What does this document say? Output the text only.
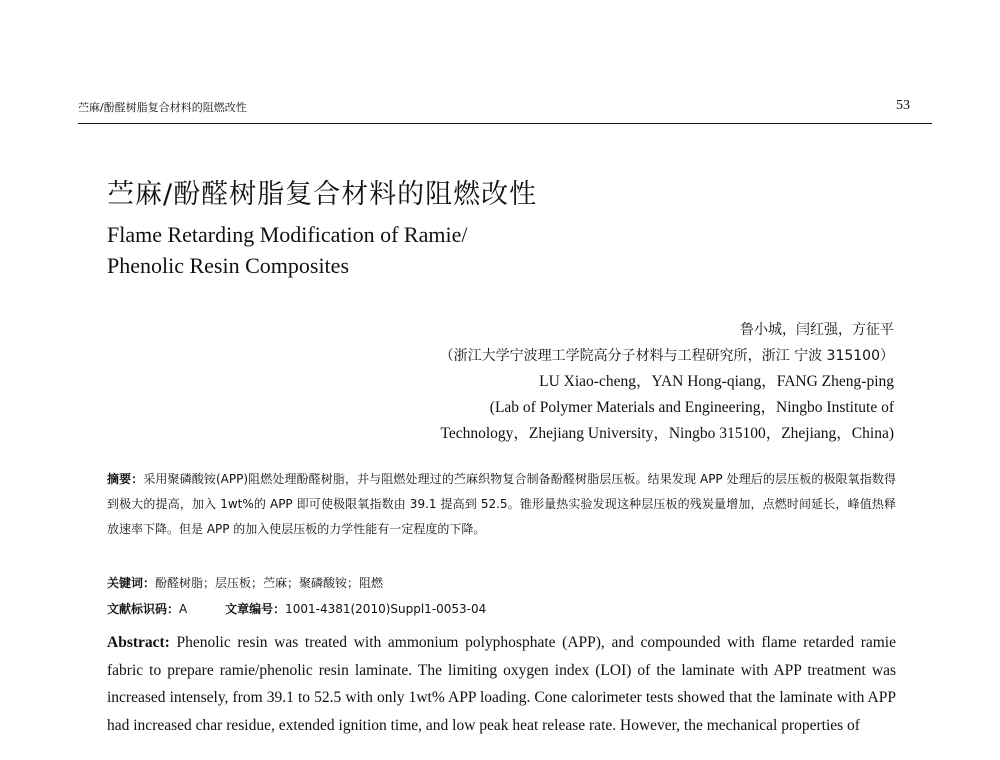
苎麻/酚醛树脂复合材料的阻燃改性	53
苎麻/酚醛树脂复合材料的阻燃改性
Flame Retarding Modification of Ramie/
Phenolic Resin Composites
鲁小城，闫红强，方征平
（浙江大学宁波理工学院高分子材料与工程研究所，浙江 宁波 315100）
LU Xiao-cheng，YAN Hong-qiang，FANG Zheng-ping
(Lab of Polymer Materials and Engineering，Ningbo Institute of
Technology，Zhejiang University，Ningbo 315100，Zhejiang，China)
摘要：采用聚磷酸铵(APP)阻燃处理酚醛树脂，并与阻燃处理过的苎麻织物复合制备酚醛树脂层压板。结果发现 APP 处理后的层压板的极限氧指数得到极大的提高，加入 1wt%的 APP 即可使极限氧指数由 39.1 提高到 52.5。锥形量热实验发现这种层压板的残炭量增加，点燃时间延长，峰值热释放速率下降。但是 APP 的加入使层压板的力学性能有一定程度的下降。
关键词：酚醛树脂；层压板；苎麻；聚磷酸铵；阻燃
文献标识码：A	文章编号：1001-4381(2010)Suppl1-0053-04
Abstract: Phenolic resin was treated with ammonium polyphosphate (APP), and compounded with flame retarded ramie fabric to prepare ramie/phenolic resin laminate. The limiting oxygen index (LOI) of the laminate with APP treatment was increased intensely, from 39.1 to 52.5 with only 1wt% APP loading. Cone calorimeter tests showed that the laminate with APP had increased char residue, extended ignition time, and low peak heat release rate. However, the mechanical properties of
